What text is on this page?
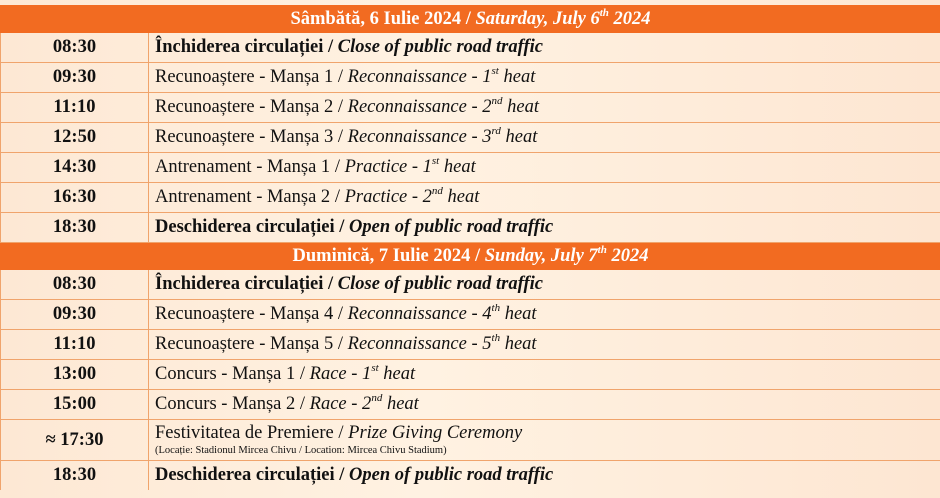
Sâmbătă, 6 Iulie 2024 / Saturday, July 6th 2024	
08:30	Închiderea circulației / Close of public road traffic
09:30	Recunoaștere - Manșa 1 / Reconnaissance - 1st heat
11:10	Recunoaștere - Manșa 2 / Reconnaissance - 2nd heat
12:50	Recunoaștere - Manșa 3 / Reconnaissance - 3rd heat
14:30	Antrenament - Manșa 1 / Practice - 1st heat
16:30	Antrenament - Manșa 2 / Practice - 2nd heat
18:30	Deschiderea circulației / Open of public road traffic
Duminică, 7 Iulie 2024 / Sunday, July 7th 2024	
08:30	Închiderea circulației / Close of public road traffic
09:30	Recunoaștere - Manșa 4 / Reconnaissance - 4th heat
11:10	Recunoaștere - Manșa 5 / Reconnaissance - 5th heat
13:00	Concurs - Manșa 1 / Race - 1st heat
15:00	Concurs - Manșa 2 / Race - 2nd heat
≈ 17:30	Festivitatea de Premiere / Prize Giving Ceremony
(Locație: Stadionul Mircea Chivu / Location: Mircea Chivu Stadium)

18:30	Deschiderea circulației / Open of public road traffic
